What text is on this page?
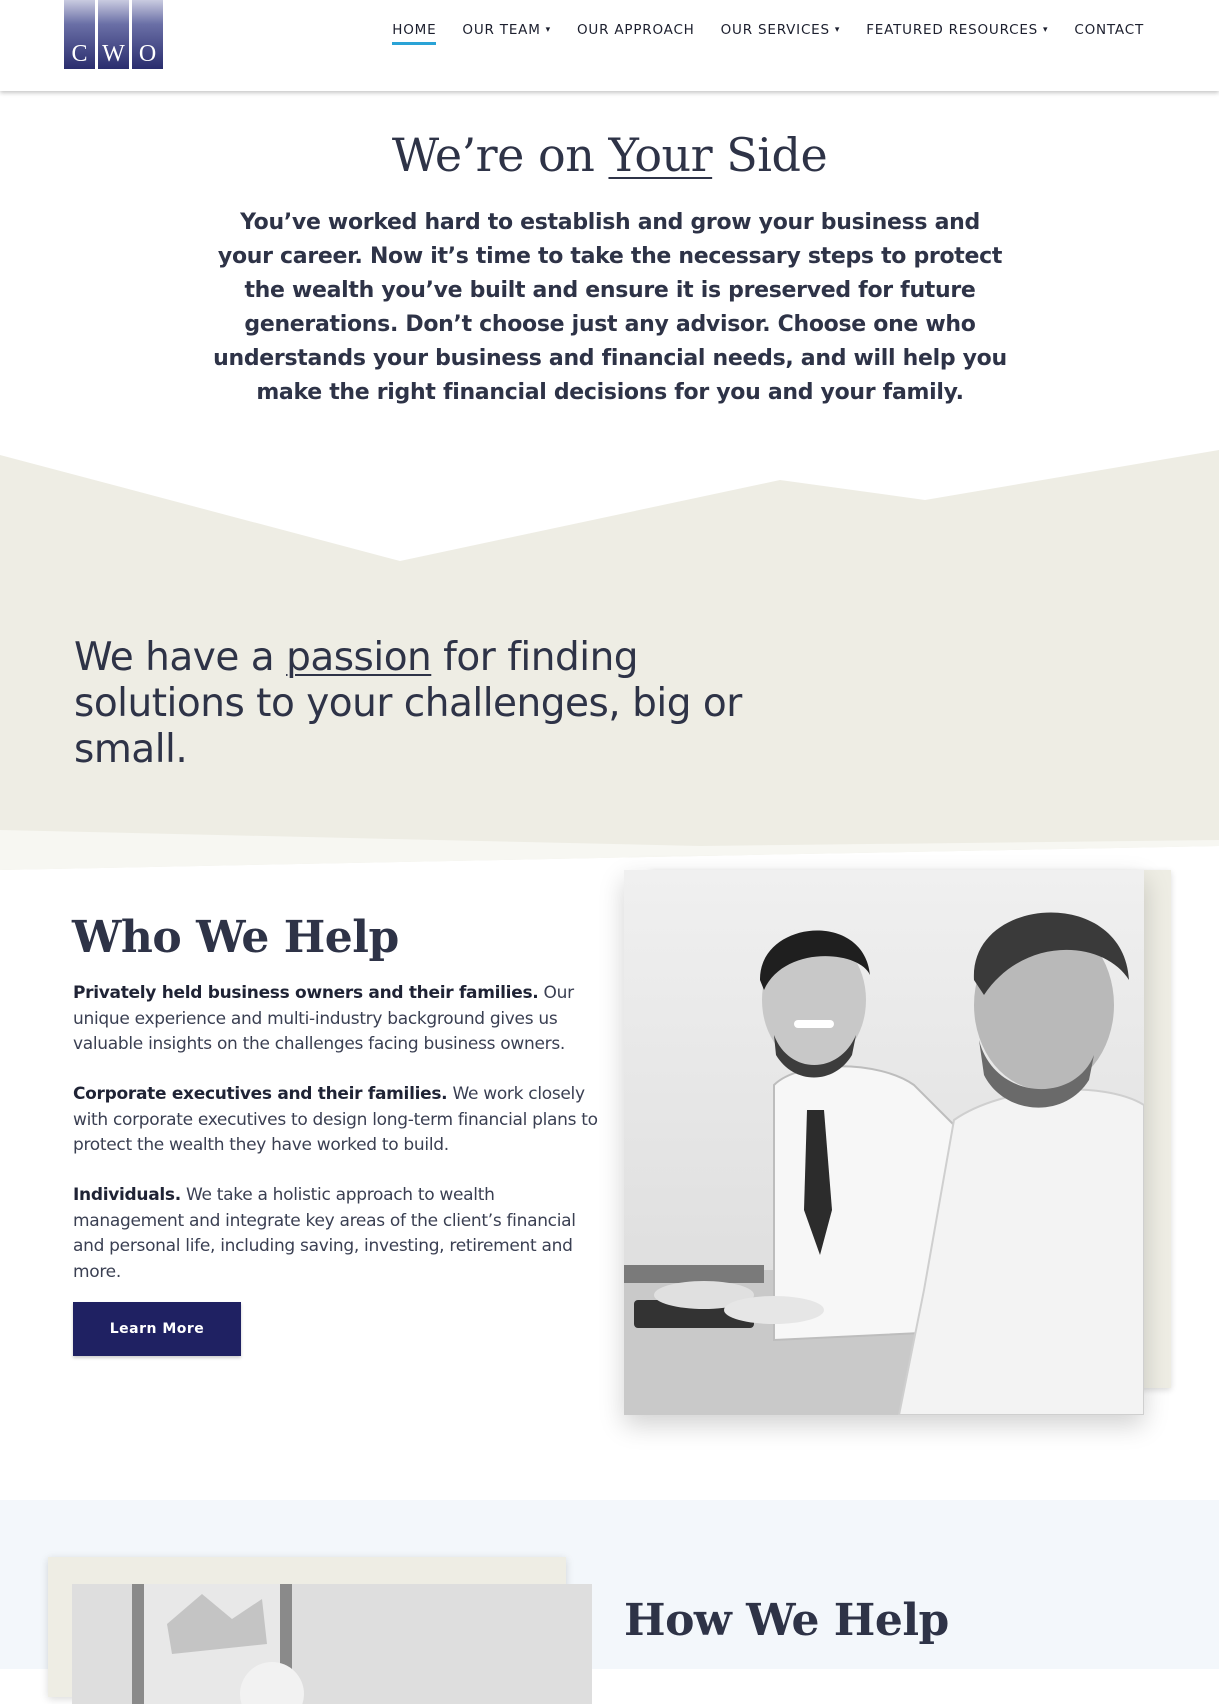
C W O
HOME OUR TEAM ▾ OUR APPROACH OUR SERVICES ▾ FEATURED RESOURCES ▾ CONTACT
We’re on Your Side

You’ve worked hard to establish and grow your business and your career. Now it’s time to take the necessary steps to protect the wealth you’ve built and ensure it is preserved for future generations. Don’t choose just any advisor. Choose one who understands your business and financial needs, and will help you make the right financial decisions for you and your family.

We have a passion for finding solutions to your challenges, big or small.
Who We Help

Privately held business owners and their families. Our unique experience and multi-industry background gives us valuable insights on the challenges facing business owners.

Corporate executives and their families. We work closely with corporate executives to design long-term financial plans to protect the wealth they have worked to build.

Individuals. We take a holistic approach to wealth management and integrate key areas of the client’s financial and personal life, including saving, investing, retirement and more.

Learn More
How We Help
